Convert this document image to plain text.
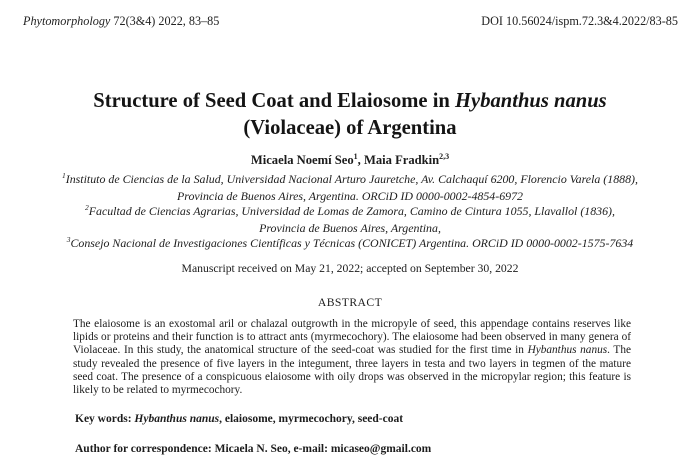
Phytomorphology 72(3&4) 2022, 83–85	DOI 10.56024/ispm.72.3&4.2022/83-85
Structure of Seed Coat and Elaiosome in Hybanthus nanus
(Violaceae) of Argentina
Micaela Noemí Seo$^1$, Maia Fradkin$^{2,3}$
$^1$Instituto de Ciencias de la Salud, Universidad Nacional Arturo Jauretche, Av. Calchaquí 6200, Florencio Varela (1888),
Provincia de Buenos Aires, Argentina. ORCiD ID 0000-0002-4854-6972
$^2$Facultad de Ciencias Agrarias, Universidad de Lomas de Zamora, Camino de Cintura 1055, Llavallol (1836),
Provincia de Buenos Aires, Argentina,
$^3$Consejo Nacional de Investigaciones Científicas y Técnicas (CONICET) Argentina. ORCiD ID 0000-0002-1575-7634
Manuscript received on May 21, 2022; accepted on September 30, 2022
ABSTRACT
The elaiosome is an exostomal aril or chalazal outgrowth in the micropyle of seed, this appendage contains reserves like lipids or proteins and their function is to attract ants (myrmecochory). The elaiosome had been observed in many genera of Violaceae. In this study, the anatomical structure of the seed-coat was studied for the first time in Hybanthus nanus. The study revealed the presence of five layers in the integument, three layers in testa and two layers in tegmen of the mature seed coat. The presence of a conspicuous elaiosome with oily drops was observed in the micropylar region; this feature is likely to be related to myrmecochory.
Key words: Hybanthus nanus, elaiosome, myrmecochory, seed-coat
Author for correspondence: Micaela N. Seo, e-mail: micaseo@gmail.com
